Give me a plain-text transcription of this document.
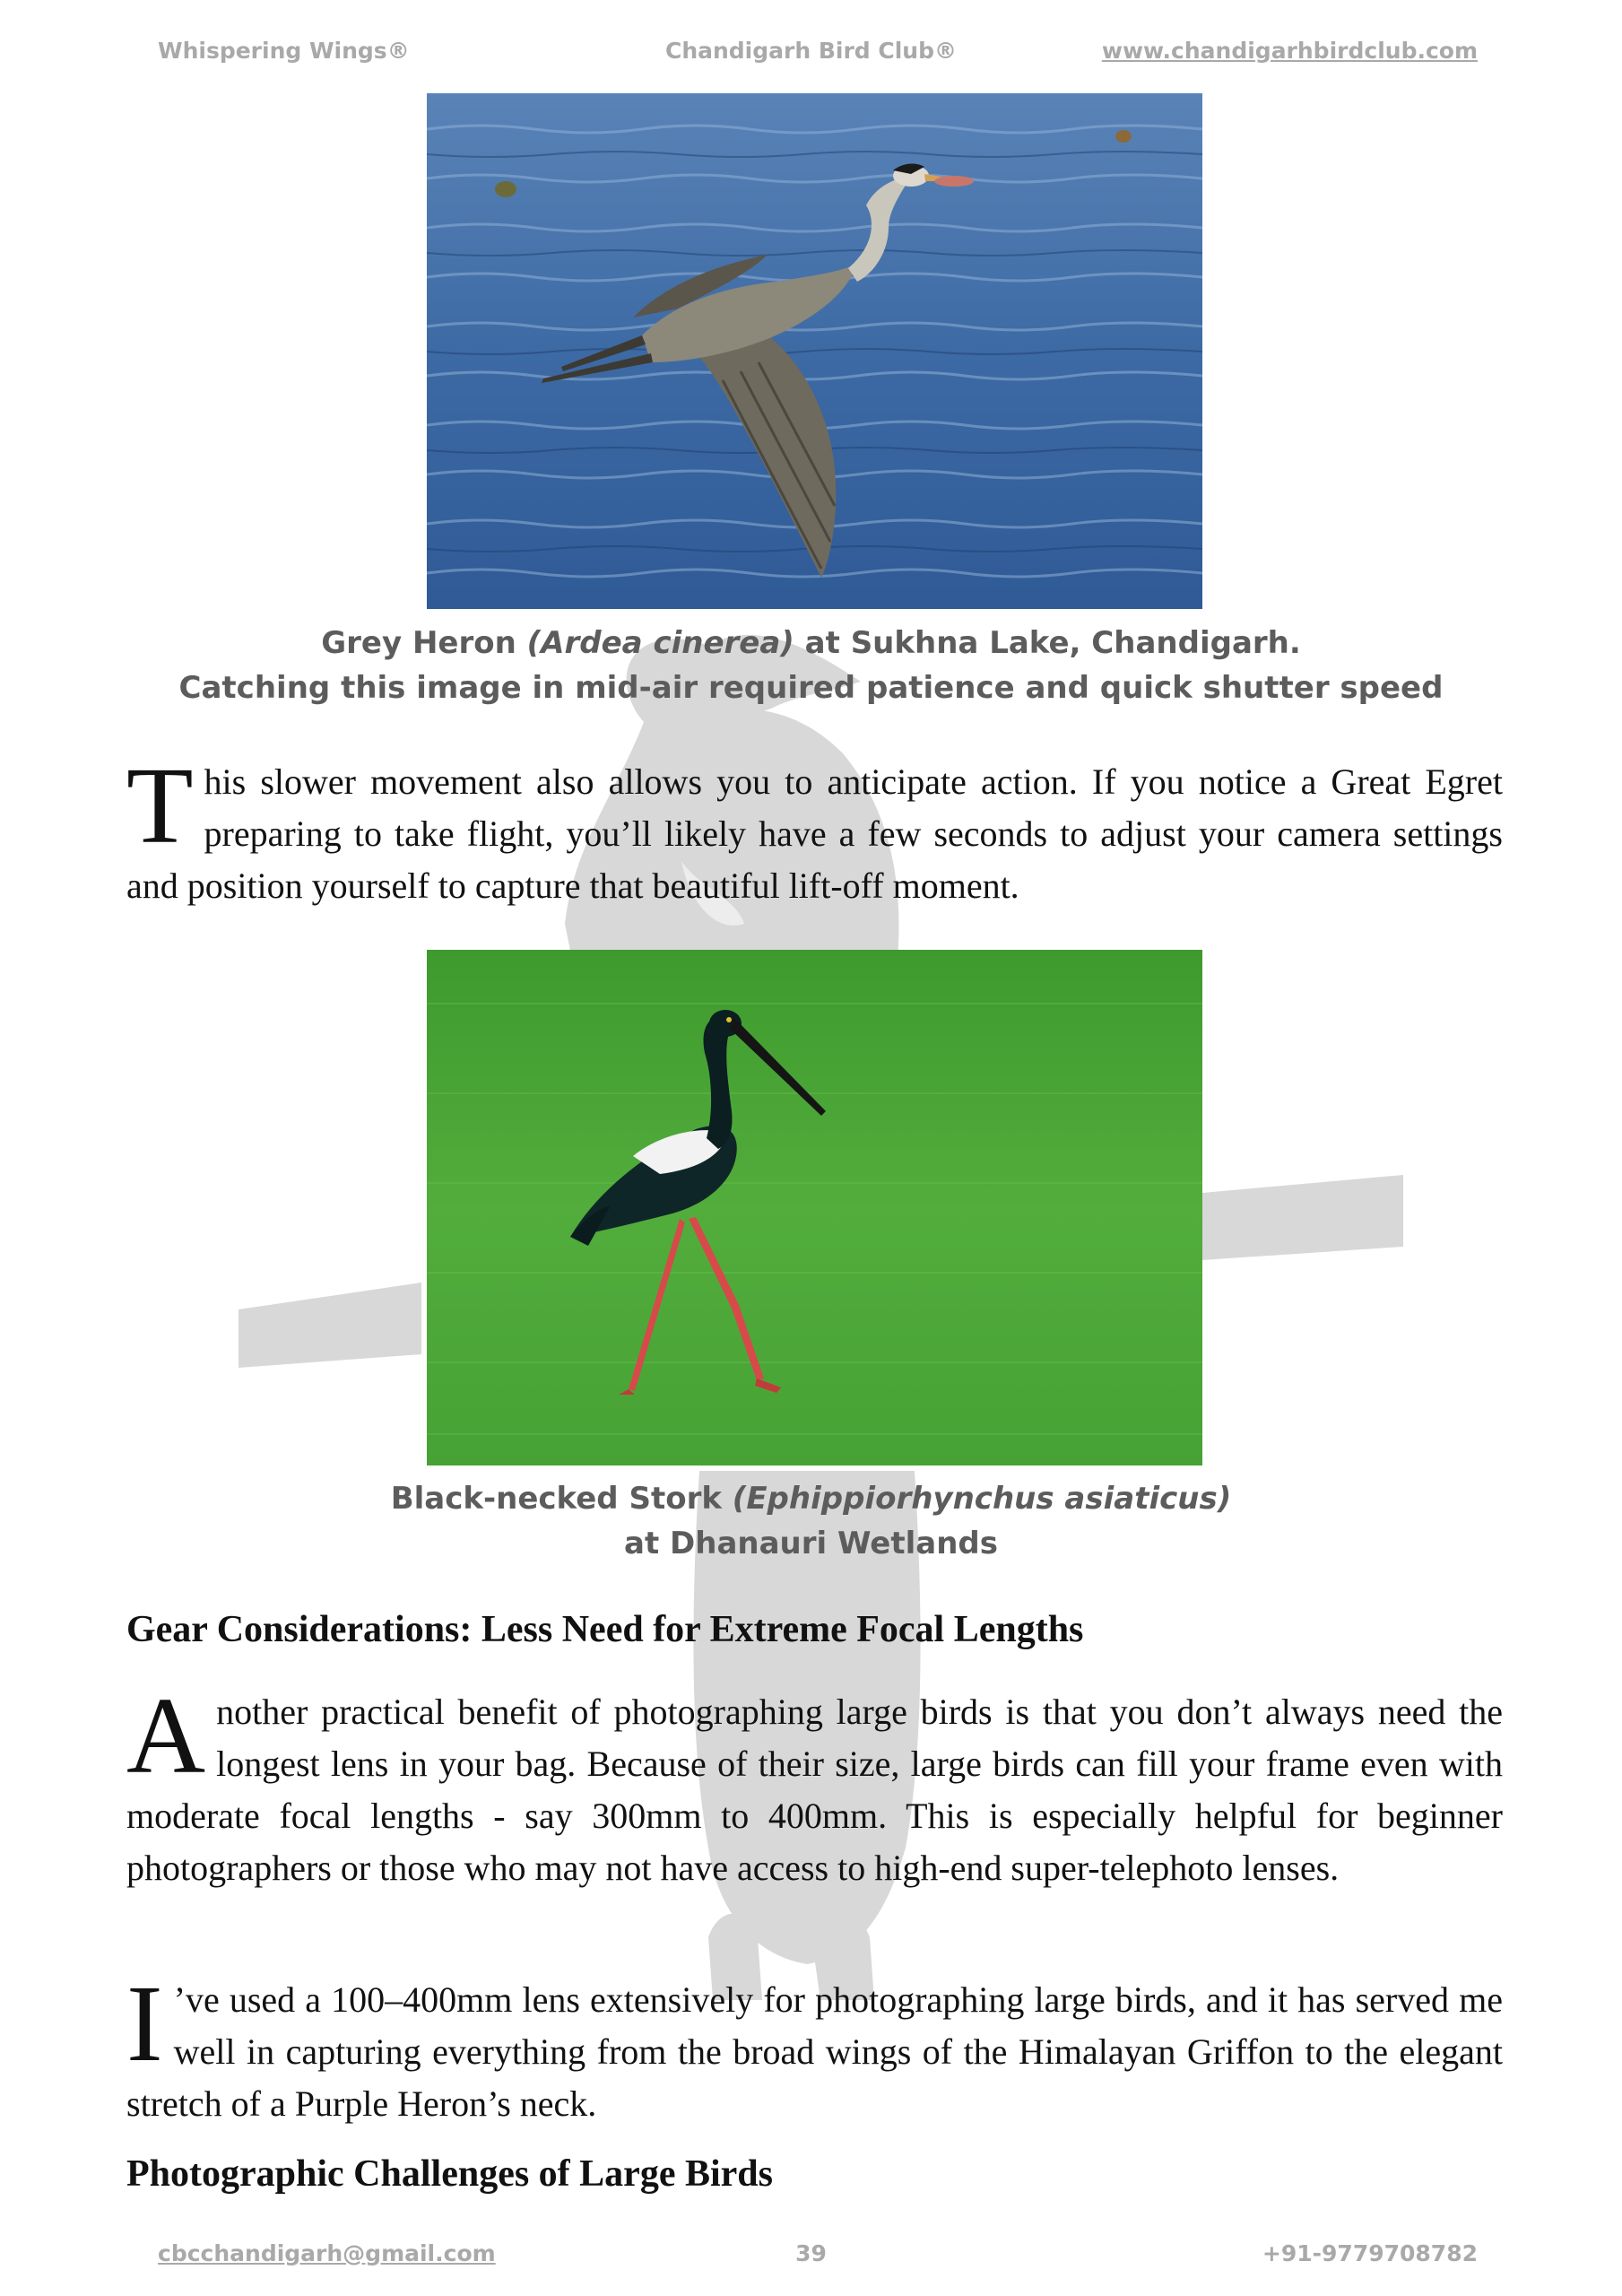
Whispering Wings®	Chandigarh Bird Club®	www.chandigarhbirdclub.com
Grey Heron (Ardea cinerea) at Sukhna Lake, Chandigarh.
Catching this image in mid-air required patience and quick shutter speed
This slower movement also allows you to anticipate action. If you notice a Great Egret preparing to take flight, you’ll likely have a few seconds to adjust your camera settings and position yourself to capture that beautiful lift-off moment.
Black-necked Stork (Ephippiorhynchus asiaticus)
at Dhanauri Wetlands
Gear Considerations: Less Need for Extreme Focal Lengths
Another practical benefit of photographing large birds is that you don’t always need the longest lens in your bag. Because of their size, large birds can fill your frame even with moderate focal lengths - say 300mm to 400mm. This is especially helpful for beginner photographers or those who may not have access to high-end super-telephoto lenses.
I ’ve used a 100–400mm lens extensively for photographing large birds, and it has served me well in capturing everything from the broad wings of the Himalayan Griffon to the elegant stretch of a Purple Heron’s neck.
Photographic Challenges of Large Birds
cbcchandigarh@gmail.com	39	+91-9779708782
